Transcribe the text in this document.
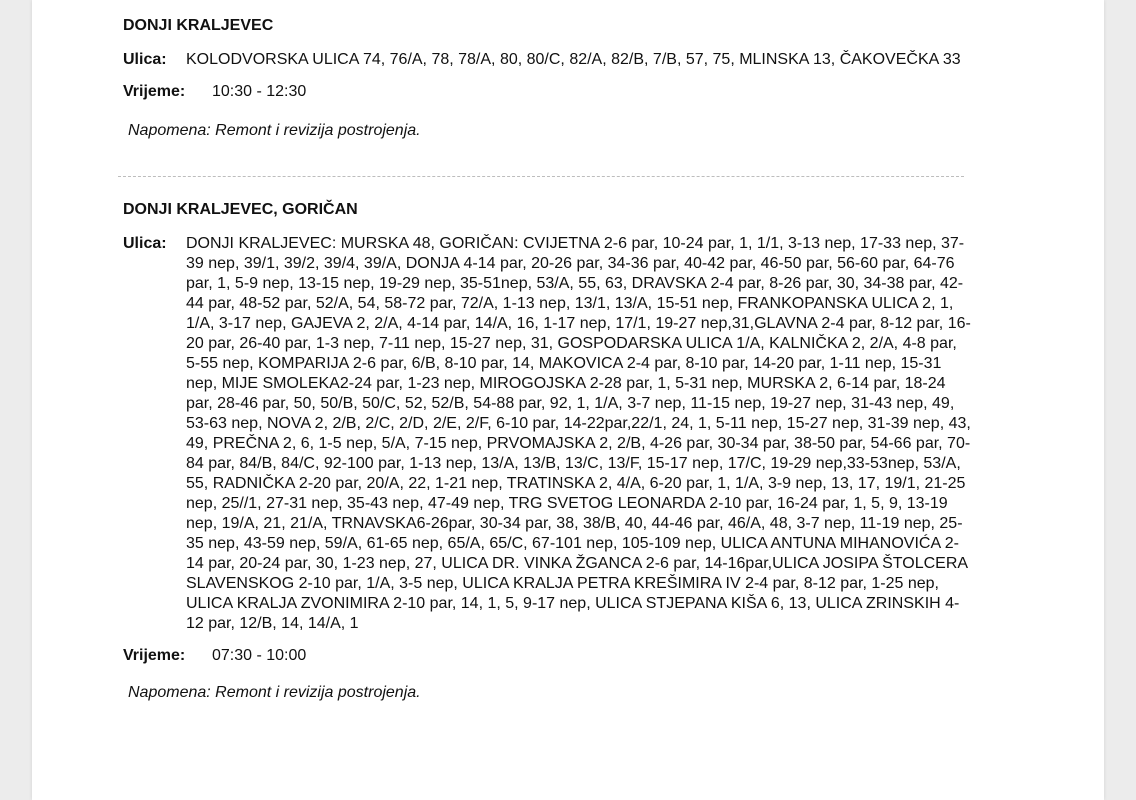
DONJI KRALJEVEC
Ulica:	KOLODVORSKA ULICA 74, 76/A, 78, 78/A, 80, 80/C, 82/A, 82/B, 7/B, 57, 75, MLINSKA 13, ČAKOVEČKA 33
Vrijeme:	10:30 - 12:30
Napomena: Remont i revizija postrojenja.
DONJI KRALJEVEC, GORIČAN
Ulica:	DONJI KRALJEVEC: MURSKA 48, GORIČAN: CVIJETNA 2-6 par, 10-24 par, 1, 1/1, 3-13 nep, 17-33 nep, 37-39 nep, 39/1, 39/2, 39/4, 39/A, DONJA 4-14 par, 20-26 par, 34-36 par, 40-42 par, 46-50 par, 56-60 par, 64-76 par, 1, 5-9 nep, 13-15 nep, 19-29 nep, 35-51nep, 53/A, 55, 63, DRAVSKA 2-4 par, 8-26 par, 30, 34-38 par, 42-44 par, 48-52 par, 52/A, 54, 58-72 par, 72/A, 1-13 nep, 13/1, 13/A, 15-51 nep, FRANKOPANSKA ULICA 2, 1, 1/A, 3-17 nep, GAJEVA 2, 2/A, 4-14 par, 14/A, 16, 1-17 nep, 17/1, 19-27 nep,31,GLAVNA 2-4 par, 8-12 par, 16-20 par, 26-40 par, 1-3 nep, 7-11 nep, 15-27 nep, 31, GOSPODARSKA ULICA 1/A, KALNIČKA 2, 2/A, 4-8 par, 5-55 nep, KOMPARIJA 2-6 par, 6/B, 8-10 par, 14, MAKOVICA 2-4 par, 8-10 par, 14-20 par, 1-11 nep, 15-31 nep, MIJE SMOLEKA2-24 par, 1-23 nep, MIROGOJSKA 2-28 par, 1, 5-31 nep, MURSKA 2, 6-14 par, 18-24 par, 28-46 par, 50, 50/B, 50/C, 52, 52/B, 54-88 par, 92, 1, 1/A, 3-7 nep, 11-15 nep, 19-27 nep, 31-43 nep, 49, 53-63 nep, NOVA 2, 2/B, 2/C, 2/D, 2/E, 2/F, 6-10 par, 14-22par,22/1, 24, 1, 5-11 nep, 15-27 nep, 31-39 nep, 43, 49, PREČNA 2, 6, 1-5 nep, 5/A, 7-15 nep, PRVOMAJSKA 2, 2/B, 4-26 par, 30-34 par, 38-50 par, 54-66 par, 70-84 par, 84/B, 84/C, 92-100 par, 1-13 nep, 13/A, 13/B, 13/C, 13/F, 15-17 nep, 17/C, 19-29 nep,33-53nep, 53/A, 55, RADNIČKA 2-20 par, 20/A, 22, 1-21 nep, TRATINSKA 2, 4/A, 6-20 par, 1, 1/A, 3-9 nep, 13, 17, 19/1, 21-25 nep, 25//1, 27-31 nep, 35-43 nep, 47-49 nep, TRG SVETOG LEONARDA 2-10 par, 16-24 par, 1, 5, 9, 13-19 nep, 19/A, 21, 21/A, TRNAVSKA6-26par, 30-34 par, 38, 38/B, 40, 44-46 par, 46/A, 48, 3-7 nep, 11-19 nep, 25-35 nep, 43-59 nep, 59/A, 61-65 nep, 65/A, 65/C, 67-101 nep, 105-109 nep, ULICA ANTUNA MIHANOVIĆA 2-14 par, 20-24 par, 30, 1-23 nep, 27, ULICA DR. VINKA ŽGANCA 2-6 par, 14-16par,ULICA JOSIPA ŠTOLCERA SLAVENSKOG 2-10 par, 1/A, 3-5 nep, ULICA KRALJA PETRA KREŠIMIRA IV 2-4 par, 8-12 par, 1-25 nep, ULICA KRALJA ZVONIMIRA 2-10 par, 14, 1, 5, 9-17 nep, ULICA STJEPANA KIŠA 6, 13, ULICA ZRINSKIH 4-12 par, 12/B, 14, 14/A, 1
Vrijeme:	07:30 - 10:00
Napomena: Remont i revizija postrojenja.
